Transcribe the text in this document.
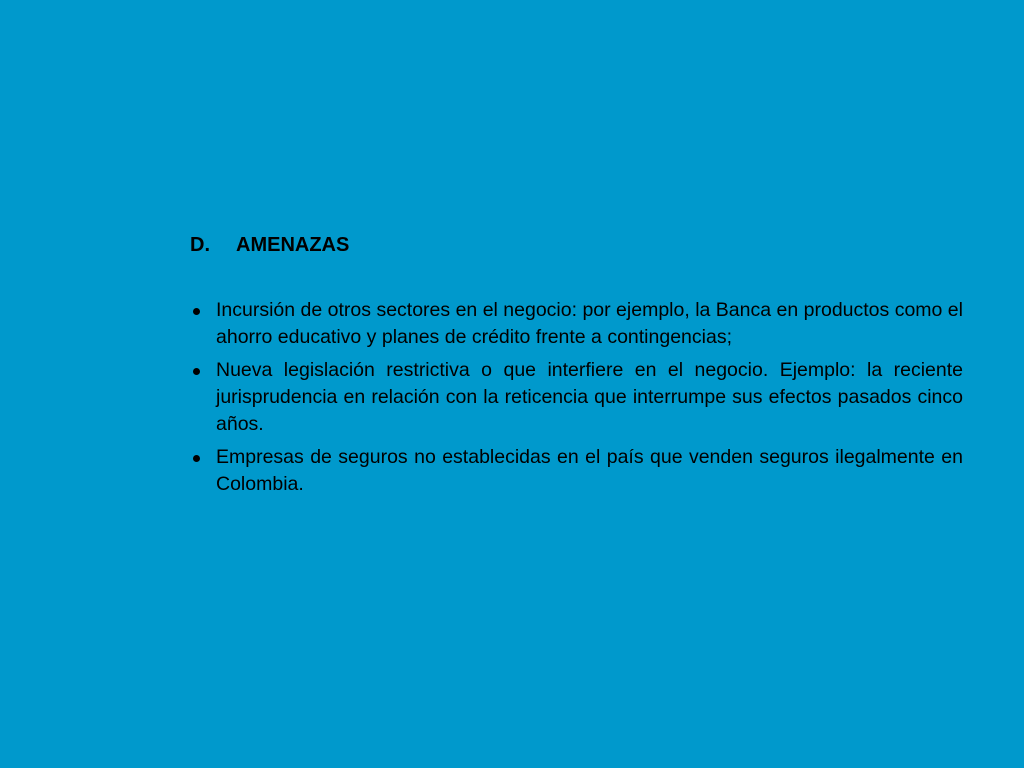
D. AMENAZAS
Incursión de otros sectores en el negocio: por ejemplo, la Banca en productos como el ahorro educativo y planes de crédito frente a contingencias;
Nueva legislación restrictiva o que interfiere en el negocio. Ejemplo: la reciente jurisprudencia en relación con la reticencia que interrumpe sus efectos pasados cinco años.
Empresas de seguros no establecidas en el país que venden seguros ilegalmente en Colombia.
